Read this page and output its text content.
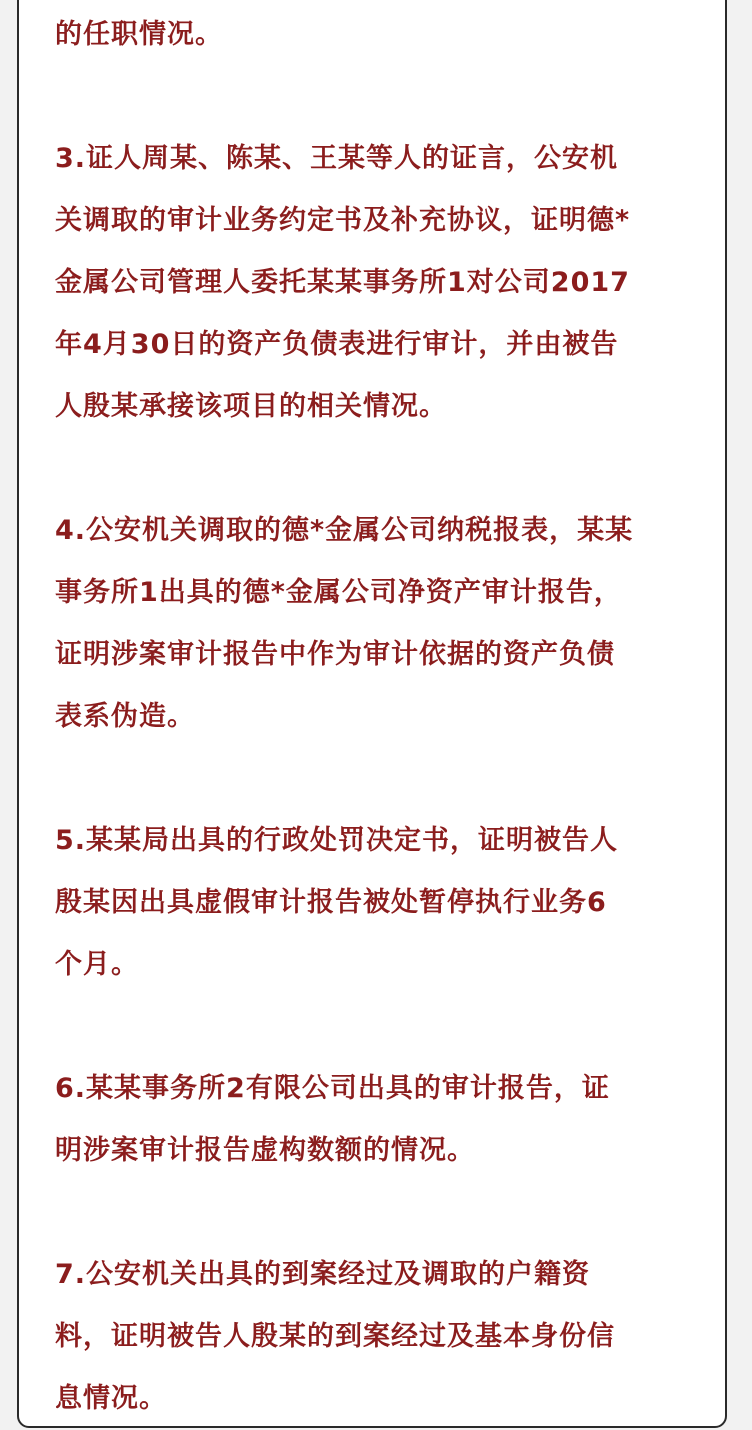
的任职情况。
3.证人周某、陈某、王某等人的证言，公安机
关调取的审计业务约定书及补充协议，证明德*
金属公司管理人委托某某事务所1对公司2017
年4月30日的资产负债表进行审计，并由被告
人殷某承接该项目的相关情况。
4.公安机关调取的德*金属公司纳税报表，某某
事务所1出具的德*金属公司净资产审计报告，
证明涉案审计报告中作为审计依据的资产负债
表系伪造。
5.某某局出具的行政处罚决定书，证明被告人
殷某因出具虚假审计报告被处暂停执行业务6
个月。
6.某某事务所2有限公司出具的审计报告，证
明涉案审计报告虚构数额的情况。
7.公安机关出具的到案经过及调取的户籍资
料，证明被告人殷某的到案经过及基本身份信
息情况。
